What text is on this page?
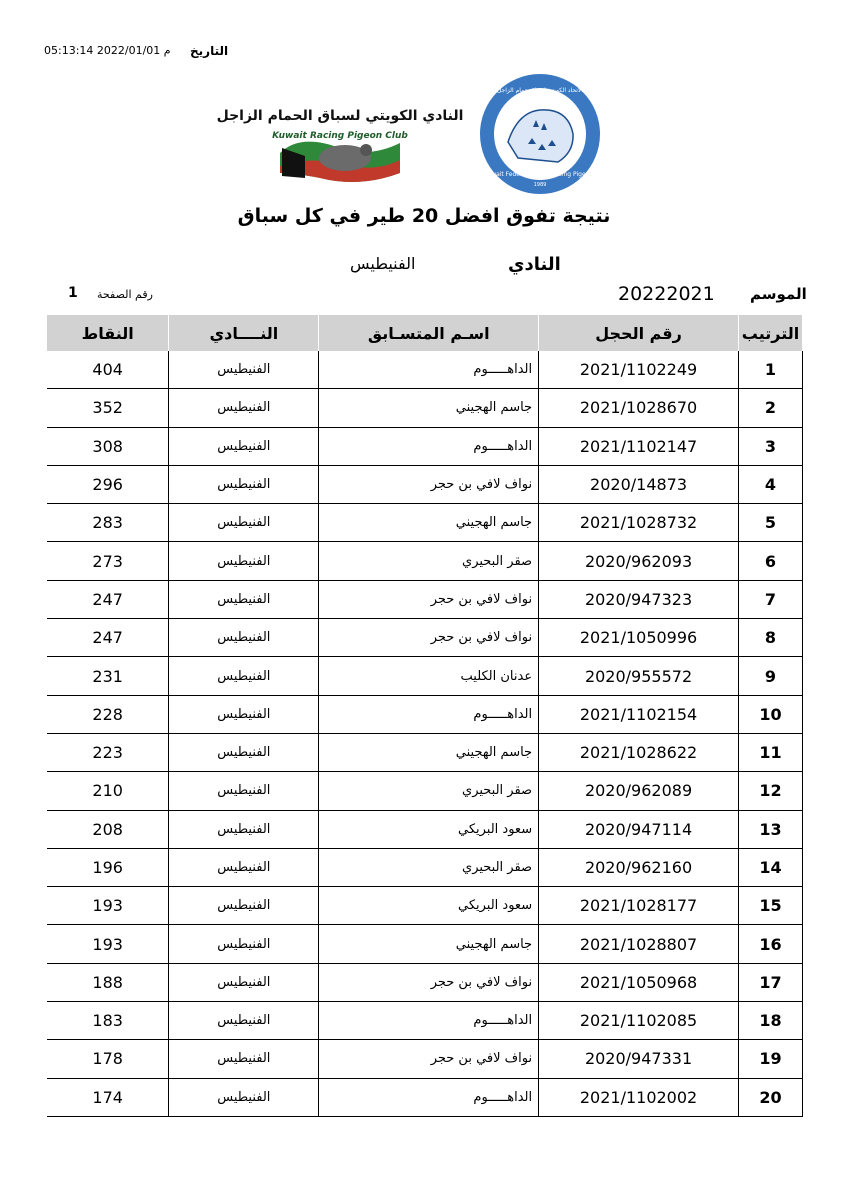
التاريخ
05:13:14 2022/01/01 م
النادي الكويتي لسباق الحمام الزاجل
Kuwait Racing Pigeon Club
Kuwait Federation For Racing Pigeons
الاتحاد الكويتي لسباق حمام الزاجل
1989
نتيجة تفوق افضل 20 طير في كل سباق
النادي
الفنيطيس
الموسم
20222021
رقم الصفحة
1
النقاط	النــــادي	اسـم المتسـابق	رقم الحجل	الترتيب
404	الفنيطيس	الداهـــــوم	2021/1102249	1
352	الفنيطيس	جاسم الهجيني	2021/1028670	2
308	الفنيطيس	الداهـــــوم	2021/1102147	3
296	الفنيطيس	نواف لافي بن حجر	2020/14873	4
283	الفنيطيس	جاسم الهجيني	2021/1028732	5
273	الفنيطيس	صقر البحيري	2020/962093	6
247	الفنيطيس	نواف لافي بن حجر	2020/947323	7
247	الفنيطيس	نواف لافي بن حجر	2021/1050996	8
231	الفنيطيس	عدنان الكليب	2020/955572	9
228	الفنيطيس	الداهـــــوم	2021/1102154	10
223	الفنيطيس	جاسم الهجيني	2021/1028622	11
210	الفنيطيس	صقر البحيري	2020/962089	12
208	الفنيطيس	سعود البريكي	2020/947114	13
196	الفنيطيس	صقر البحيري	2020/962160	14
193	الفنيطيس	سعود البريكي	2021/1028177	15
193	الفنيطيس	جاسم الهجيني	2021/1028807	16
188	الفنيطيس	نواف لافي بن حجر	2021/1050968	17
183	الفنيطيس	الداهـــــوم	2021/1102085	18
178	الفنيطيس	نواف لافي بن حجر	2020/947331	19
174	الفنيطيس	الداهـــــوم	2021/1102002	20
